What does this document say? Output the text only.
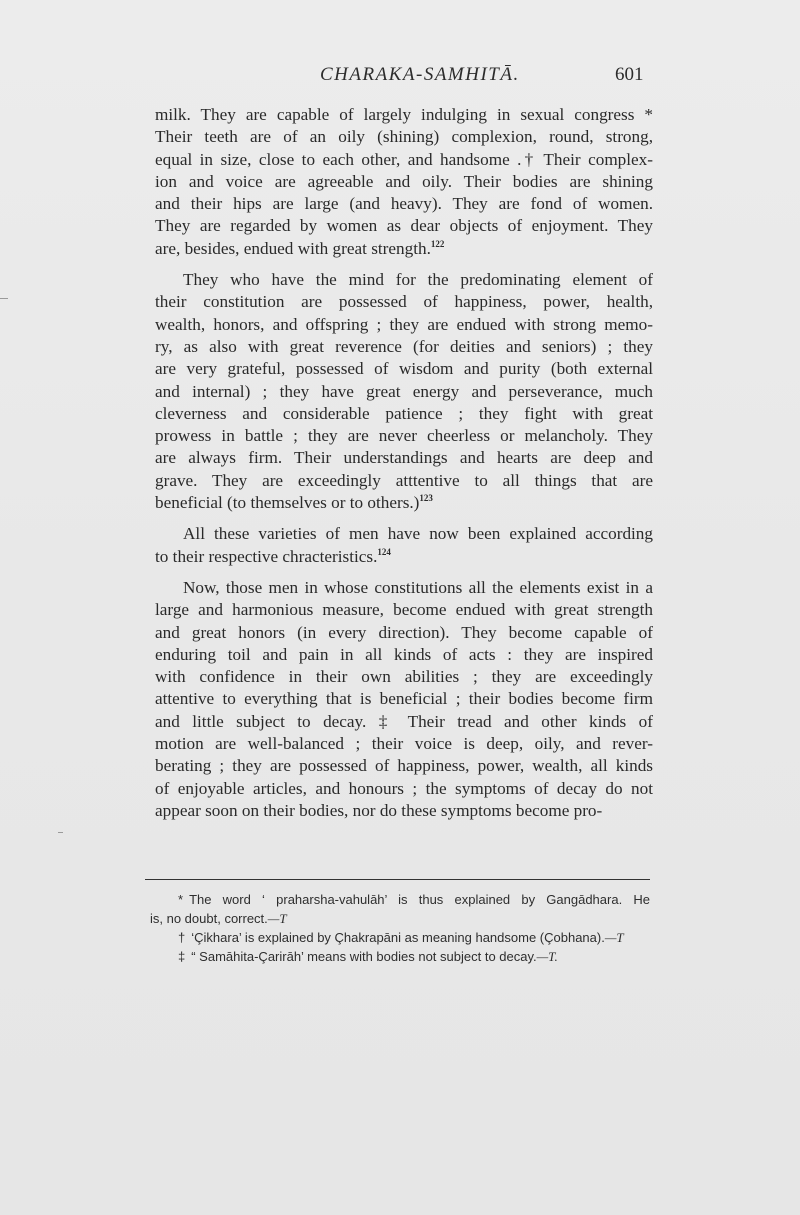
CHARAKA-SAMHITĀ.	601
milk. They are capable of largely indulging in sexual congress *
Their teeth are of an oily (shining) complexion, round, strong,
equal in size, close to each other, and handsome .† Their complex-
ion and voice are agreeable and oily. Their bodies are shining
and their hips are large (and heavy). They are fond of women.
They are regarded by women as dear objects of enjoyment. They
are, besides, endued with great strength.$^{122}$
They who have the mind for the predominating element of
their constitution are possessed of happiness, power, health,
wealth, honors, and offspring ; they are endued with strong memo-
ry, as also with great reverence (for deities and seniors) ; they
are very grateful, possessed of wisdom and purity (both external
and internal) ; they have great energy and perseverance, much
cleverness and considerable patience ; they fight with great
prowess in battle ; they are never cheerless or melancholy. They
are always firm. Their understandings and hearts are deep and
grave. They are exceedingly atttentive to all things that are
beneficial (to themselves or to others.)$^{123}$
All these varieties of men have now been explained according
to their respective chracteristics.$^{124}$
Now, those men in whose constitutions all the elements exist in a
large and harmonious measure, become endued with great strength
and great honors (in every direction). They become capable of
enduring toil and pain in all kinds of acts : they are inspired
with confidence in their own abilities ; they are exceedingly
attentive to everything that is beneficial ; their bodies become firm
and little subject to decay. ‡ Their tread and other kinds of
motion are well-balanced ; their voice is deep, oily, and rever-
berating ; they are possessed of happiness, power, wealth, all kinds
of enjoyable articles, and honours ; the symptoms of decay do not
appear soon on their bodies, nor do these symptoms become pro-
* The word ‘ praharsha-vahulāh’ is thus explained by Gangādhara. He
is, no doubt, correct.—T
† ‘Çikhara’ is explained by Çhakrapāni as meaning handsome (Çobhana).—T
‡ “ Samāhita-Çarirāh’ means with bodies not subject to decay.—T.
